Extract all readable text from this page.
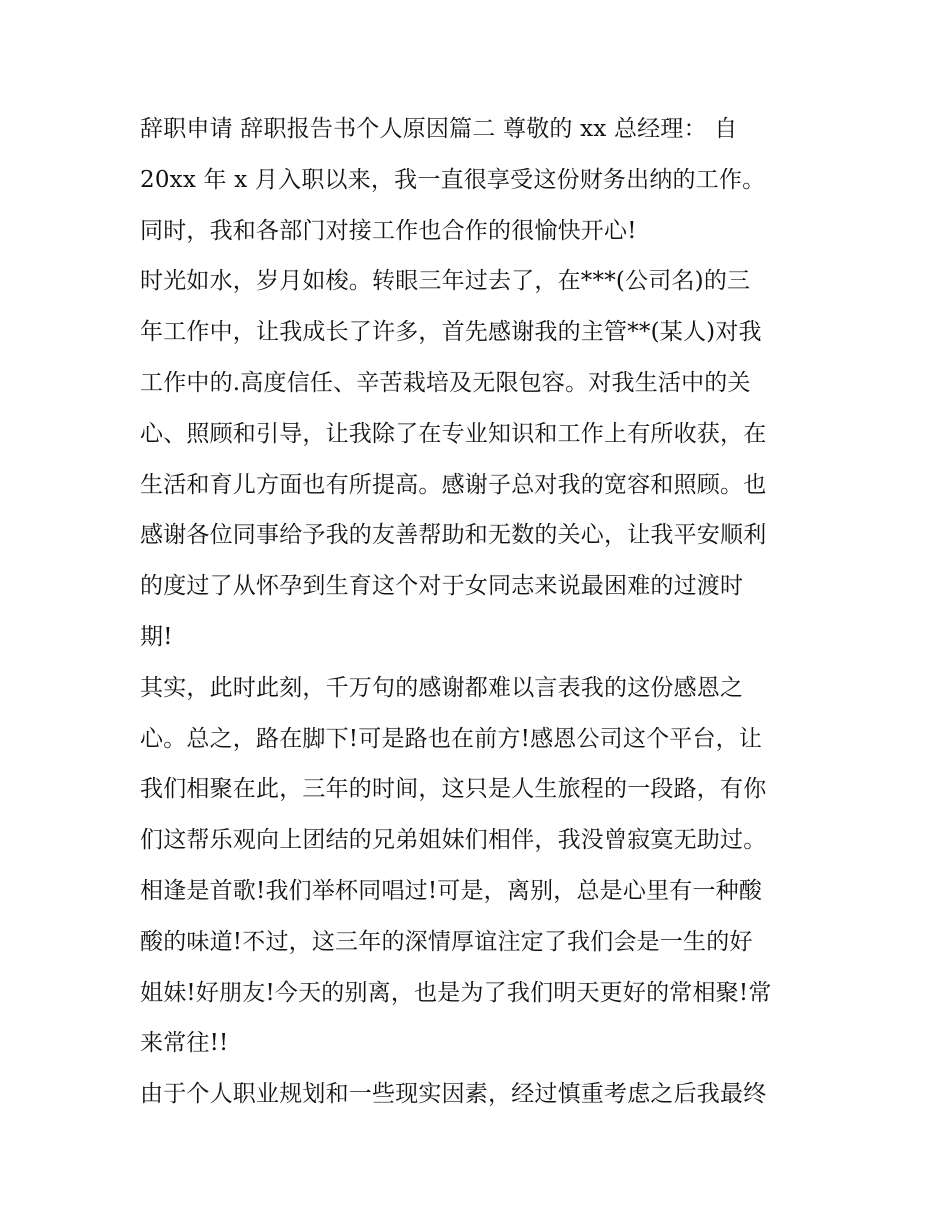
辞职申请 辞职报告书个人原因篇二 尊敬的 xx 总经理： 自
20xx 年 x 月入职以来，我一直很享受这份财务出纳的工作。
同时，我和各部门对接工作也合作的很愉快开心!
时光如水，岁月如梭。转眼三年过去了，在***(公司名)的三
年工作中，让我成长了许多，首先感谢我的主管**(某人)对我
工作中的.高度信任、辛苦栽培及无限包容。对我生活中的关
心、照顾和引导，让我除了在专业知识和工作上有所收获，在
生活和育儿方面也有所提高。感谢子总对我的宽容和照顾。也
感谢各位同事给予我的友善帮助和无数的关心，让我平安顺利
的度过了从怀孕到生育这个对于女同志来说最困难的过渡时
期!
其实，此时此刻，千万句的感谢都难以言表我的这份感恩之
心。总之，路在脚下!可是路也在前方!感恩公司这个平台，让
我们相聚在此，三年的时间，这只是人生旅程的一段路，有你
们这帮乐观向上团结的兄弟姐妹们相伴，我没曾寂寞无助过。
相逢是首歌!我们举杯同唱过!可是，离别，总是心里有一种酸
酸的味道!不过，这三年的深情厚谊注定了我们会是一生的好
姐妹!好朋友!今天的别离，也是为了我们明天更好的常相聚!常
来常往!!
由于个人职业规划和一些现实因素，经过慎重考虑之后我最终
